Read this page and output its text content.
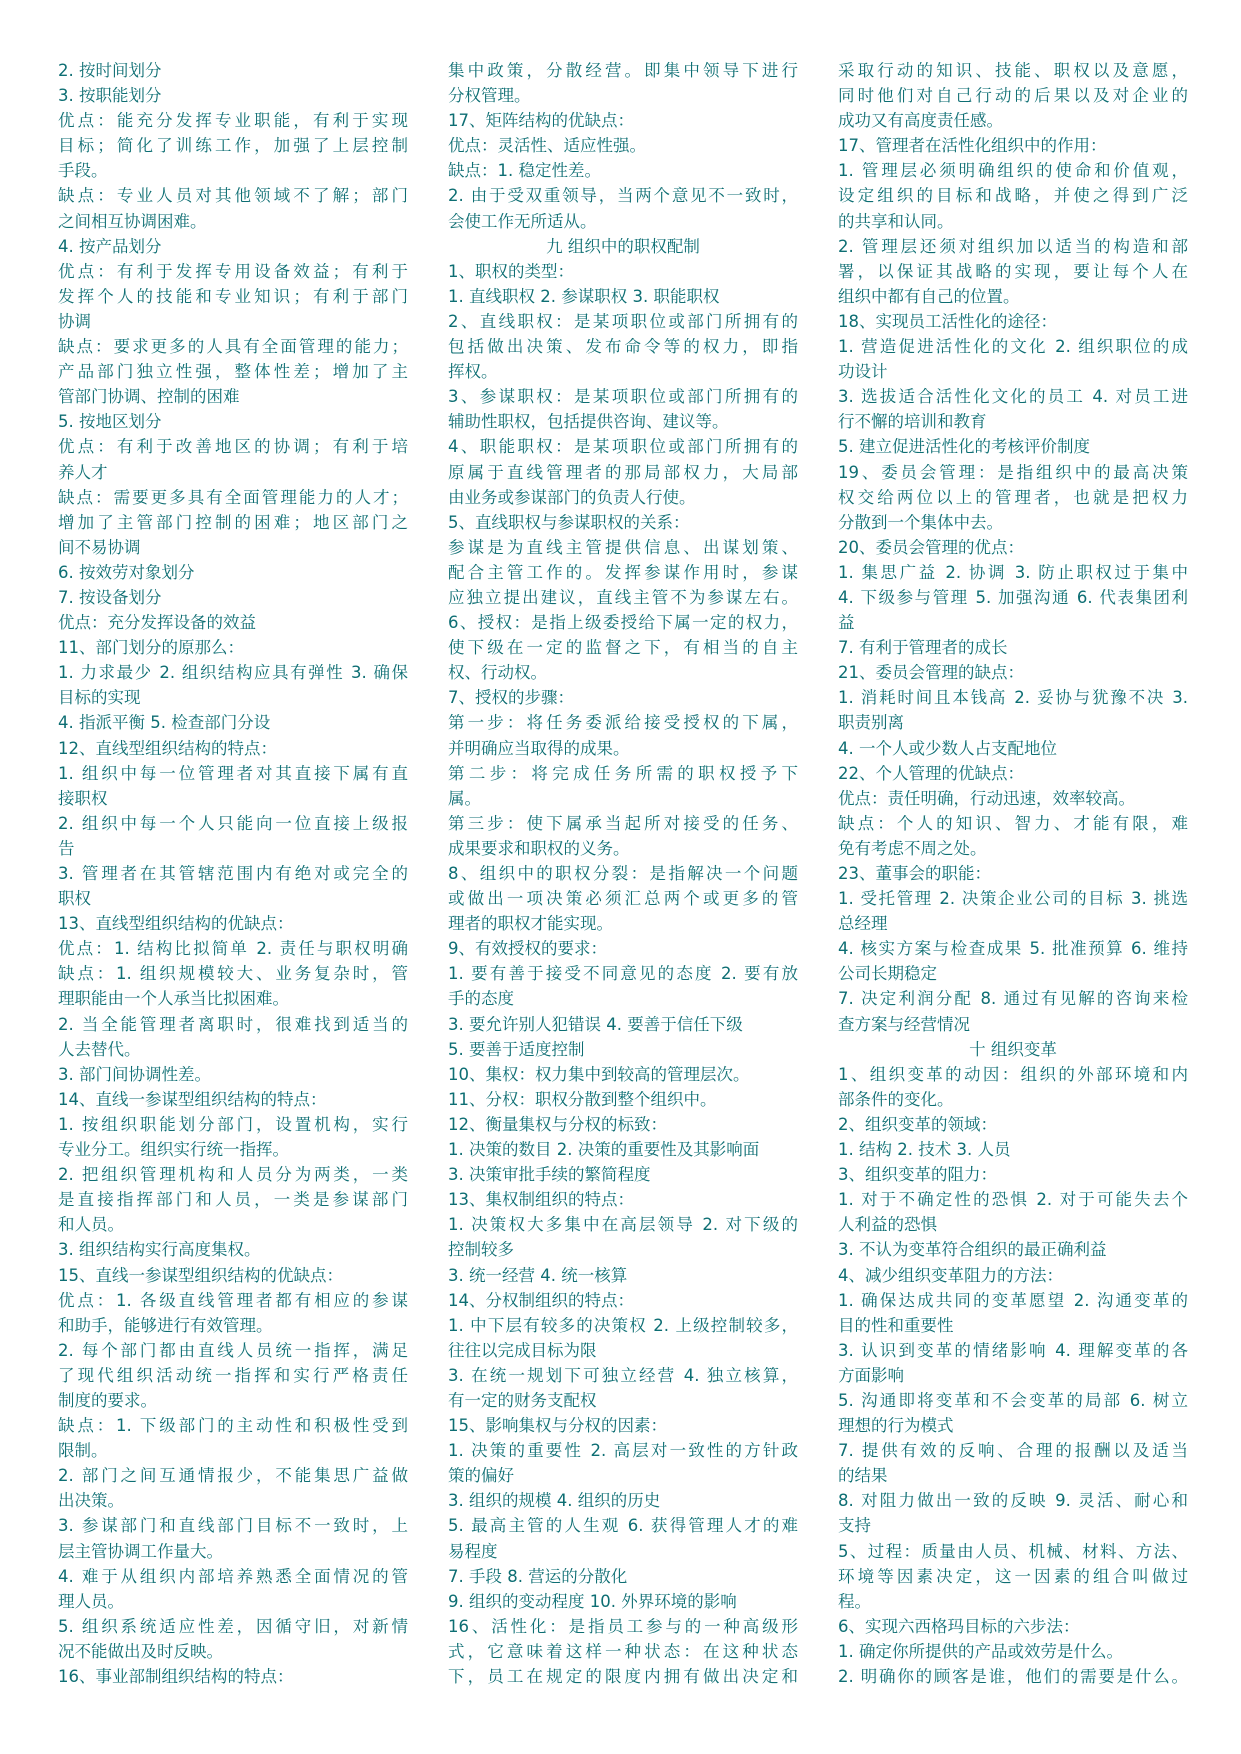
2. 按时间划分
3. 按职能划分
优点：能充分发挥专业职能，有利于实现
目标；简化了训练工作，加强了上层控制
手段。
缺点：专业人员对其他领域不了解；部门
之间相互协调困难。
4. 按产品划分
优点：有利于发挥专用设备效益；有利于
发挥个人的技能和专业知识；有利于部门
协调
缺点：要求更多的人具有全面管理的能力；
产品部门独立性强，整体性差；增加了主
管部门协调、控制的困难
5. 按地区划分
优点：有利于改善地区的协调；有利于培
养人才
缺点：需要更多具有全面管理能力的人才；
增加了主管部门控制的困难；地区部门之
间不易协调
6. 按效劳对象划分
7. 按设备划分
优点：充分发挥设备的效益
11、部门划分的原那么：
1. 力求最少 2. 组织结构应具有弹性 3. 确保
目标的实现
4. 指派平衡 5. 检查部门分设
12、直线型组织结构的特点：
1. 组织中每一位管理者对其直接下属有直
接职权
2. 组织中每一个人只能向一位直接上级报
告
3. 管理者在其管辖范围内有绝对或完全的
职权
13、直线型组织结构的优缺点：
优点：1. 结构比拟简单 2. 责任与职权明确
缺点：1. 组织规模较大、业务复杂时，管
理职能由一个人承当比拟困难。
2. 当全能管理者离职时，很难找到适当的
人去替代。
3. 部门间协调性差。
14、直线一参谋型组织结构的特点：
1. 按组织职能划分部门，设置机构，实行
专业分工。组织实行统一指挥。
2. 把组织管理机构和人员分为两类，一类
是直接指挥部门和人员，一类是参谋部门
和人员。
3. 组织结构实行高度集权。
15、直线一参谋型组织结构的优缺点：
优点：1. 各级直线管理者都有相应的参谋
和助手，能够进行有效管理。
2. 每个部门都由直线人员统一指挥，满足
了现代组织活动统一指挥和实行严格责任
制度的要求。
缺点：1. 下级部门的主动性和积极性受到
限制。
2. 部门之间互通情报少，不能集思广益做
出决策。
3. 参谋部门和直线部门目标不一致时，上
层主管协调工作量大。
4. 难于从组织内部培养熟悉全面情况的管
理人员。
5. 组织系统适应性差，因循守旧，对新情
况不能做出及时反映。
16、事业部制组织结构的特点：
集中政策，分散经营。即集中领导下进行
分权管理。
17、矩阵结构的优缺点：
优点：灵活性、适应性强。
缺点：1. 稳定性差。
2. 由于受双重领导，当两个意见不一致时，
会使工作无所适从。
九 组织中的职权配制
1、职权的类型：
1. 直线职权 2. 参谋职权 3. 职能职权
2、直线职权：是某项职位或部门所拥有的
包括做出决策、发布命令等的权力，即指
挥权。
3、参谋职权：是某项职位或部门所拥有的
辅助性职权，包括提供咨询、建议等。
4、职能职权：是某项职位或部门所拥有的
原属于直线管理者的那局部权力，大局部
由业务或参谋部门的负责人行使。
5、直线职权与参谋职权的关系：
参谋是为直线主管提供信息、出谋划策、
配合主管工作的。发挥参谋作用时，参谋
应独立提出建议，直线主管不为参谋左右。
6、授权：是指上级委授给下属一定的权力，
使下级在一定的监督之下，有相当的自主
权、行动权。
7、授权的步骤：
第一步：将任务委派给接受授权的下属，
并明确应当取得的成果。
第二步：将完成任务所需的职权授予下
属。
第三步：使下属承当起所对接受的任务、
成果要求和职权的义务。
8、组织中的职权分裂：是指解决一个问题
或做出一项决策必须汇总两个或更多的管
理者的职权才能实现。
9、有效授权的要求：
1. 要有善于接受不同意见的态度 2. 要有放
手的态度
3. 要允许别人犯错误 4. 要善于信任下级
5. 要善于适度控制
10、集权：权力集中到较高的管理层次。
11、分权：职权分散到整个组织中。
12、衡量集权与分权的标致：
1. 决策的数目 2. 决策的重要性及其影响面
3. 决策审批手续的繁简程度
13、集权制组织的特点：
1. 决策权大多集中在高层领导 2. 对下级的
控制较多
3. 统一经营 4. 统一核算
14、分权制组织的特点：
1. 中下层有较多的决策权 2. 上级控制较多，
往往以完成目标为限
3. 在统一规划下可独立经营 4. 独立核算，
有一定的财务支配权
15、影响集权与分权的因素：
1. 决策的重要性 2. 高层对一致性的方针政
策的偏好
3. 组织的规模 4. 组织的历史
5. 最高主管的人生观 6. 获得管理人才的难
易程度
7. 手段 8. 营运的分散化
9. 组织的变动程度 10. 外界环境的影响
16、活性化：是指员工参与的一种高级形
式，它意味着这样一种状态：在这种状态
下，员工在规定的限度内拥有做出决定和
采取行动的知识、技能、职权以及意愿，
同时他们对自己行动的后果以及对企业的
成功又有高度责任感。
17、管理者在活性化组织中的作用：
1. 管理层必须明确组织的使命和价值观，
设定组织的目标和战略，并使之得到广泛
的共享和认同。
2. 管理层还须对组织加以适当的构造和部
署，以保证其战略的实现，要让每个人在
组织中都有自己的位置。
18、实现员工活性化的途径：
1. 营造促进活性化的文化 2. 组织职位的成
功设计
3. 选拔适合活性化文化的员工 4. 对员工进
行不懈的培训和教育
5. 建立促进活性化的考核评价制度
19、委员会管理：是指组织中的最高决策
权交给两位以上的管理者，也就是把权力
分散到一个集体中去。
20、委员会管理的优点：
1. 集思广益 2. 协调 3. 防止职权过于集中
4. 下级参与管理 5. 加强沟通 6. 代表集团利
益
7. 有利于管理者的成长
21、委员会管理的缺点：
1. 消耗时间且本钱高 2. 妥协与犹豫不决 3.
职责别离
4. 一个人或少数人占支配地位
22、个人管理的优缺点：
优点：责任明确，行动迅速，效率较高。
缺点：个人的知识、智力、才能有限，难
免有考虑不周之处。
23、董事会的职能：
1. 受托管理 2. 决策企业公司的目标 3. 挑选
总经理
4. 核实方案与检查成果 5. 批准预算 6. 维持
公司长期稳定
7. 决定利润分配 8. 通过有见解的咨询来检
查方案与经营情况
十 组织变革
1、组织变革的动因：组织的外部环境和内
部条件的变化。
2、组织变革的领域：
1. 结构 2. 技术 3. 人员
3、组织变革的阻力：
1. 对于不确定性的恐惧 2. 对于可能失去个
人利益的恐惧
3. 不认为变革符合组织的最正确利益
4、减少组织变革阻力的方法：
1. 确保达成共同的变革愿望 2. 沟通变革的
目的性和重要性
3. 认识到变革的情绪影响 4. 理解变革的各
方面影响
5. 沟通即将变革和不会变革的局部 6. 树立
理想的行为模式
7. 提供有效的反响、合理的报酬以及适当
的结果
8. 对阻力做出一致的反映 9. 灵活、耐心和
支持
5、过程：质量由人员、机械、材料、方法、
环境等因素决定，这一因素的组合叫做过
程。
6、实现六西格玛目标的六步法：
1. 确定你所提供的产品或效劳是什么。
2. 明确你的顾客是谁，他们的需要是什么。
